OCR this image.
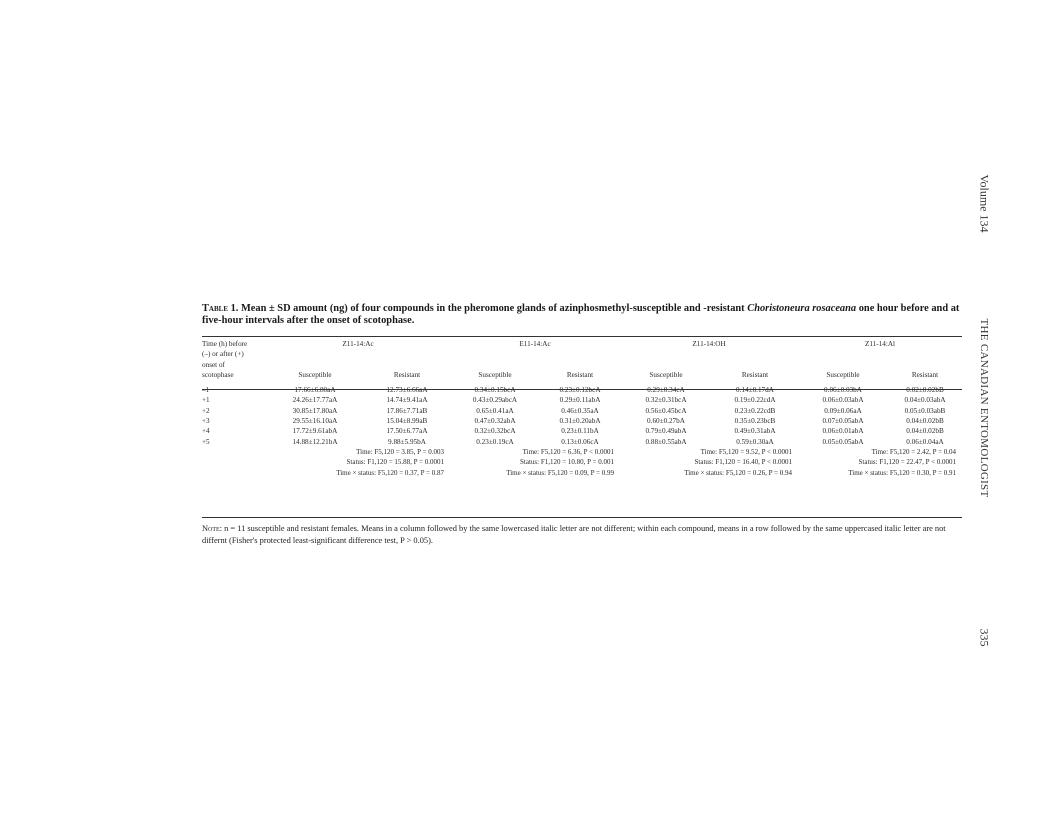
Volume 134
THE CANADIAN ENTOMOLOGIST
335
Table 1. Mean ± SD amount (ng) of four compounds in the pheromone glands of azinphosmethyl-susceptible and -resistant Choristoneura rosaceana one hour before and at five-hour intervals after the onset of scotophase.
Time (h) before	Z11-14:Ac		E11-14:Ac		Z11-14:OH		Z11-14:Al	
(–) or after (+)					

onset of								
scotophase	Susceptible	Resistant	Susceptible	Resistant	Susceptible	Resistant	Susceptible	Resistant

–1	17.66±6.80aA	12.73±6.66aA	0.34±0.15bcA	0.23±0.12bcA	0.29±0.34cA	0.14±0.17dA	0.06±0.03bA	0.02±0.02bB
+1	24.26±17.77aA	14.74±9.41aA	0.43±0.29abcA	0.29±0.11abA	0.32±0.31bcA	0.19±0.22cdA	0.06±0.03abA	0.04±0.03abA
+2	30.85±17.80aA	17.86±7.71aB	0.65±0.41aA	0.46±0.35aA	0.56±0.45bcA	0.23±0.22cdB	0.09±0.06aA	0.05±0.03abB
+3	29.55±16.10aA	15.04±8.99aB	0.47±0.32abA	0.31±0.20abA	0.60±0.27bA	0.35±0.23bcB	0.07±0.05abA	0.04±0.02bB
+4	17.72±9.61abA	17.50±6.77aA	0.32±0.32bcA	0.23±0.11bA	0.79±0.49abA	0.49±0.31abA	0.06±0.01abA	0.04±0.02bB
+5	14.88±12.21bA	9.88±5.95bA	0.23±0.19cA	0.13±0.06cA	0.88±0.55abA	0.59±0.30aA	0.05±0.05abA	0.06±0.04aA
	Time: F5,120 = 3.85, P = 0.003		Time: F5,120 = 6.36, P < 0.0001		Time: F5,120 = 9.52, P < 0.0001		Time: F5,120 = 2.42, P = 0.04	
	Status: F1,120 = 15.88, P = 0.0001		Status: F1,120 = 10.80, P = 0.001		Status: F1,120 = 16.40, P < 0.0001		Status: F1,120 = 22.47, P < 0.0001	
	Time × status: F5,120 = 0.37, P = 0.87		Time × status: F5,120 = 0.09, P = 0.99		Time × status: F5,120 = 0.26, P = 0.94		Time × status: F5,120 = 0.30, P = 0.91	
Note: n = 11 susceptible and resistant females. Means in a column followed by the same lowercased italic letter are not different; within each compound, means in a row followed by the same uppercased italic letter are not differnt (Fisher's protected least-significant difference test, P > 0.05).
